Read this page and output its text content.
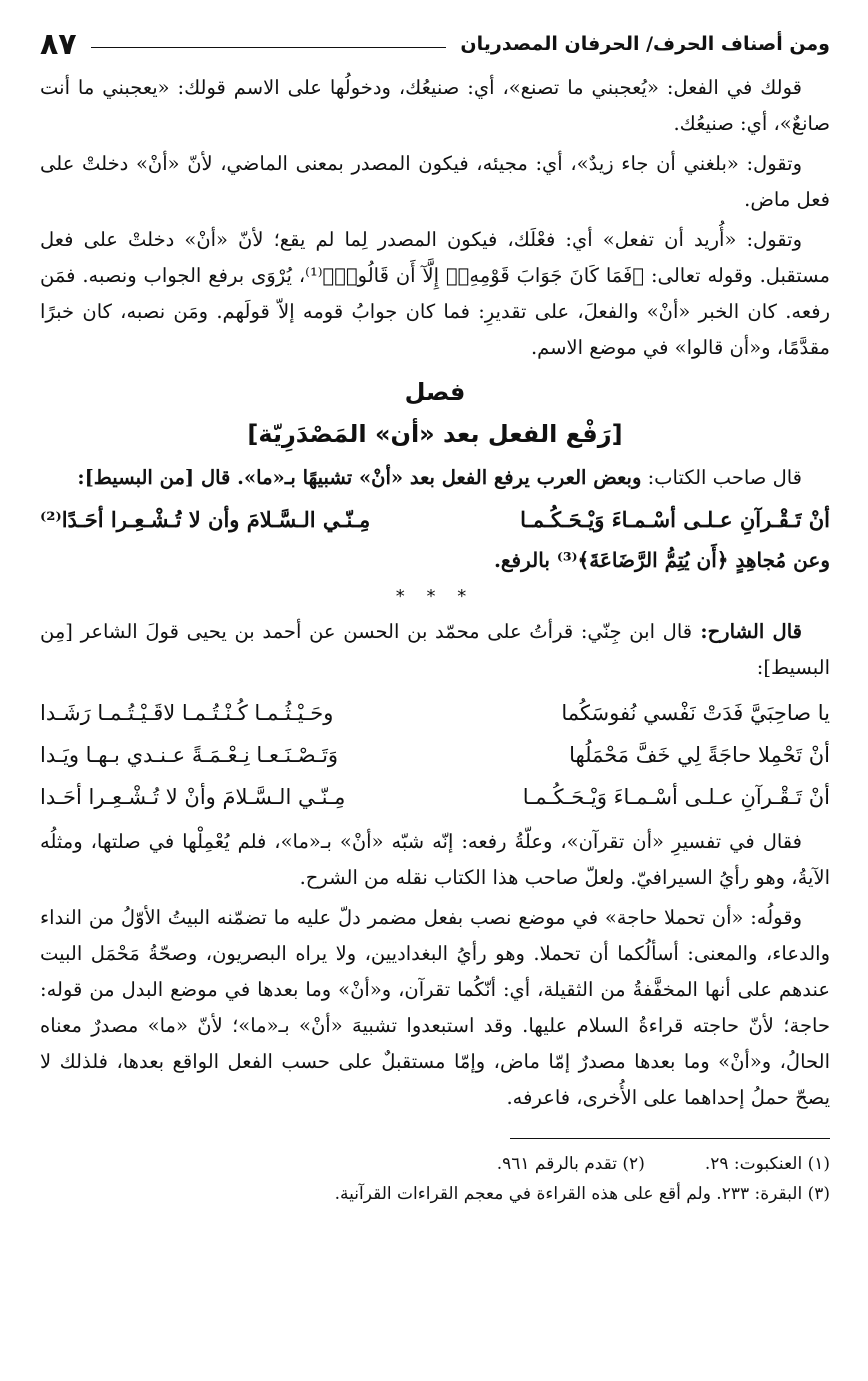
ومن أصناف الحرف/ الحرفان المصدريان
٨٧

قولك في الفعل: «يُعجبني ما تصنع»، أي: صنيعُك، ودخولُها على الاسم قولك: «يعجبني ما أنت صانعٌ»، أي: صنيعُك.

وتقول: «بلغني أن جاء زيدٌ»، أي: مجيئه، فيكون المصدر بمعنى الماضي، لأنّ «أنْ» دخلتْ على فعل ماض.

وتقول: «أُريد أن تفعل» أي: فعْلَك، فيكون المصدر لِما لم يقع؛ لأنّ «أنْ» دخلتْ على فعل مستقبل. وقوله تعالى: ﴿فَمَا كَانَ جَوَابَ قَوْمِهِۦٓ إِلَّآ أَن قَالُوا۟﴾⁽¹⁾، يُرْوَى برفع الجواب ونصبه. فمَن رفعه. كان الخبر «أنْ» والفعلَ، على تقديرِ: فما كان جوابُ قومه إلاّ قولَهم. ومَن نصبه، كان خبرًا مقدَّمًا، و«أن قالوا» في موضع الاسم.

فصل
[رَفْع الفعل بعد «أن» المَصْدَرِيّة]

قال صاحب الكتاب: وبعض العرب يرفع الفعل بعد «أنْ» تشبيهًا بـ«ما». قال [من البسيط]:

أنْ تَـقْـرآنِ عـلـى أسْـمـاءَ وَيْـحَـكُـمـا
مِـنّـي الـسَّـلامَ وأن لا تُـشْـعِـرا أحَـدًا⁽²⁾
وعن مُجاهِدٍ ﴿أَن يُتِمُّ الرَّضَاعَةَ﴾⁽³⁾ بالرفع.
* * *

قال الشارح: قال ابن جِنّي: قرأتُ على محمّد بن الحسن عن أحمد بن يحيى قولَ الشاعر [مِن البسيط]:

يا صاحِبَيَّ فَدَتْ نَفْسي نُفوسَكُما
وحَـيْـثُـمـا كُـنْـتُـمـا لاقَـيْـتُـمـا رَشَـدا
أنْ تَحْمِلا حاجَةً لِي خَفَّ مَحْمَلُها
وَتَـصْـنَـعـا نِـعْـمَـةً عـنـدي بـهـا ويَـدا
أنْ تَـقْـرآنِ عـلـى أسْـمـاءَ وَيْـحَـكُـمـا
مِـنّـي الـسَّـلامَ وأنْ لا تُـشْـعِـرا أحَـدا

فقال في تفسيرِ «أن تقرآن»، وعلّةُ رفعه: إنّه شبّه «أنْ» بـ«ما»، فلم يُعْمِلْها في صلتها، ومثلُه الآيةُ، وهو رأيُ السيرافيّ. ولعلّ صاحب هذا الكتاب نقله من الشرح.

وقولُه: «أن تحملا حاجة» في موضع نصب بفعل مضمر دلّ عليه ما تضمّنه البيتُ الأوّلُ من النداء والدعاء، والمعنى: أسألُكما أن تحملا. وهو رأيُ البغداديين، ولا يراه البصريون، وصحّةُ مَحْمَل البيت عندهم على أنها المخفَّفةُ من الثقيلة، أي: أنّكُما تقرآن، و«أنْ» وما بعدها في موضع البدل من قوله: حاجة؛ لأنّ حاجته قراءةُ السلام عليها. وقد استبعدوا تشبيهَ «أنْ» بـ«ما»؛ لأنّ «ما» مصدرٌ معناه الحالُ، و«أنْ» وما بعدها مصدرٌ إمّا ماض، وإمّا مستقبلٌ على حسب الفعل الواقع بعدها، فلذلك لا يصحّ حملُ إحداهما على الأُخرى، فاعرفه.

(١) العنكبوت: ٢٩.
(٢) تقدم بالرقم ٩٦١.
(٣) البقرة: ٢٣٣. ولم أقع على هذه القراءة في معجم القراءات القرآنية.
